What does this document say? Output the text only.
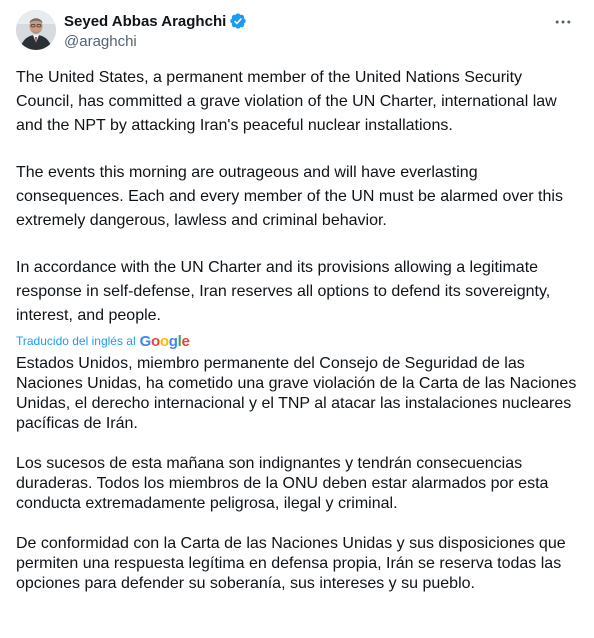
Seyed Abbas Araghchi
@araghchi

The United States, a permanent member of the United Nations Security Council, has committed a grave violation of the UN Charter, international law and the NPT by attacking Iran's peaceful nuclear installations.

The events this morning are outrageous and will have everlasting consequences. Each and every member of the UN must be alarmed over this extremely dangerous, lawless and criminal behavior.

In accordance with the UN Charter and its provisions allowing a legitimate response in self-defense, Iran reserves all options to defend its sovereignty, interest, and people.

Traducido del inglés al Google

Estados Unidos, miembro permanente del Consejo de Seguridad de las Naciones Unidas, ha cometido una grave violación de la Carta de las Naciones Unidas, el derecho internacional y el TNP al atacar las instalaciones nucleares pacíficas de Irán.

Los sucesos de esta mañana son indignantes y tendrán consecuencias duraderas. Todos los miembros de la ONU deben estar alarmados por esta conducta extremadamente peligrosa, ilegal y criminal.

De conformidad con la Carta de las Naciones Unidas y sus disposiciones que permiten una respuesta legítima en defensa propia, Irán se reserva todas las opciones para defender su soberanía, sus intereses y su pueblo.
